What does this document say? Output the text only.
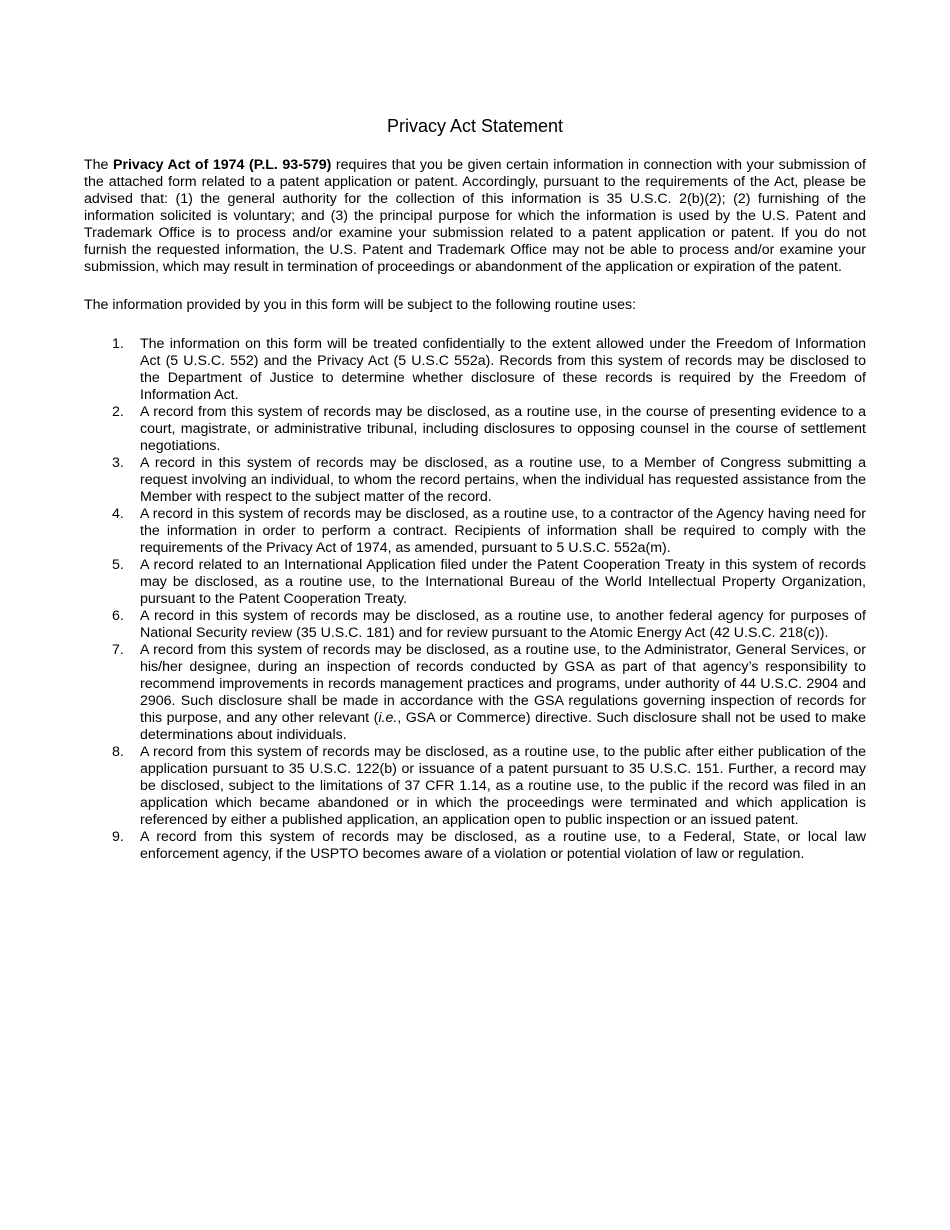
Privacy Act Statement

The Privacy Act of 1974 (P.L. 93-579) requires that you be given certain information in connection with your submission of the attached form related to a patent application or patent. Accordingly, pursuant to the requirements of the Act, please be advised that: (1) the general authority for the collection of this information is 35 U.S.C. 2(b)(2); (2) furnishing of the information solicited is voluntary; and (3) the principal purpose for which the information is used by the U.S. Patent and Trademark Office is to process and/or examine your submission related to a patent application or patent. If you do not furnish the requested information, the U.S. Patent and Trademark Office may not be able to process and/or examine your submission, which may result in termination of proceedings or abandonment of the application or expiration of the patent.

The information provided by you in this form will be subject to the following routine uses:

1. The information on this form will be treated confidentially to the extent allowed under the Freedom of Information Act (5 U.S.C. 552) and the Privacy Act (5 U.S.C 552a). Records from this system of records may be disclosed to the Department of Justice to determine whether disclosure of these records is required by the Freedom of Information Act.
2. A record from this system of records may be disclosed, as a routine use, in the course of presenting evidence to a court, magistrate, or administrative tribunal, including disclosures to opposing counsel in the course of settlement negotiations.
3. A record in this system of records may be disclosed, as a routine use, to a Member of Congress submitting a request involving an individual, to whom the record pertains, when the individual has requested assistance from the Member with respect to the subject matter of the record.
4. A record in this system of records may be disclosed, as a routine use, to a contractor of the Agency having need for the information in order to perform a contract. Recipients of information shall be required to comply with the requirements of the Privacy Act of 1974, as amended, pursuant to 5 U.S.C. 552a(m).
5. A record related to an International Application filed under the Patent Cooperation Treaty in this system of records may be disclosed, as a routine use, to the International Bureau of the World Intellectual Property Organization, pursuant to the Patent Cooperation Treaty.
6. A record in this system of records may be disclosed, as a routine use, to another federal agency for purposes of National Security review (35 U.S.C. 181) and for review pursuant to the Atomic Energy Act (42 U.S.C. 218(c)).
7. A record from this system of records may be disclosed, as a routine use, to the Administrator, General Services, or his/her designee, during an inspection of records conducted by GSA as part of that agency’s responsibility to recommend improvements in records management practices and programs, under authority of 44 U.S.C. 2904 and 2906. Such disclosure shall be made in accordance with the GSA regulations governing inspection of records for this purpose, and any other relevant (i.e., GSA or Commerce) directive. Such disclosure shall not be used to make determinations about individuals.
8. A record from this system of records may be disclosed, as a routine use, to the public after either publication of the application pursuant to 35 U.S.C. 122(b) or issuance of a patent pursuant to 35 U.S.C. 151. Further, a record may be disclosed, subject to the limitations of 37 CFR 1.14, as a routine use, to the public if the record was filed in an application which became abandoned or in which the proceedings were terminated and which application is referenced by either a published application, an application open to public inspection or an issued patent.
9. A record from this system of records may be disclosed, as a routine use, to a Federal, State, or local law enforcement agency, if the USPTO becomes aware of a violation or potential violation of law or regulation.
